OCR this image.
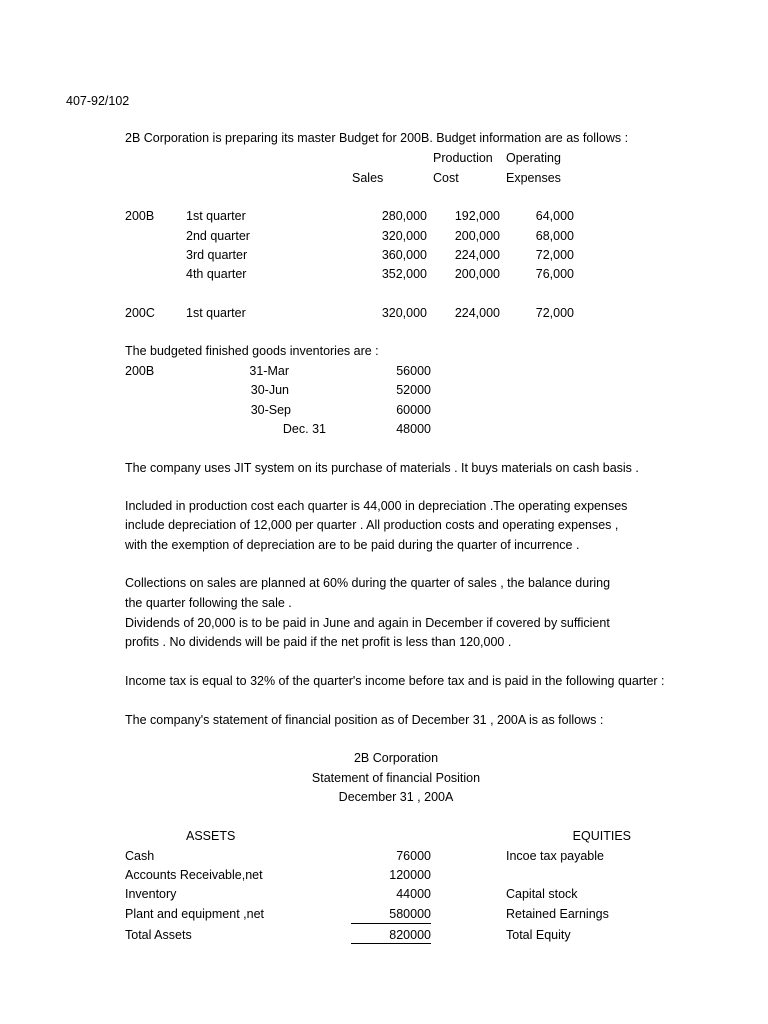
407-92/102
2B Corporation is preparing its master Budget for 200B. Budget information are as follows :
Production Operating
Sales	Cost	Expenses
200B	1st quarter	280,000	192,000	64,000
2nd quarter	320,000	200,000	68,000
3rd quarter	360,000	224,000	72,000
4th quarter	352,000	200,000	76,000
200C 1st quarter	320,000	224,000	72,000
The budgeted finished goods inventories are :
200B	31-Mar	56000
30-Jun	52000
30-Sep	60000
Dec. 31	48000
The company uses JIT system on its purchase of materials . It buys materials on cash basis .
Included in production cost each quarter is 44,000 in depreciation .The operating expenses
include depreciation of 12,000 per quarter . All production costs and operating expenses ,
with the exemption of depreciation are to be paid during the quarter of incurrence .
Collections on sales are planned at 60% during the quarter of sales , the balance during
the quarter following the sale .
Dividends of 20,000 is to be paid in June and again in December if covered by sufficient
profits . No dividends will be paid if the net profit is less than 120,000 .
Income tax is equal to 32% of the quarter's income before tax and is paid in the following quarter :
The company's statement of financial position as of December 31 , 200A is as follows :
2B Corporation
Statement of financial Position
December 31 , 200A
ASSETS	EQUITIES
Cash	76000	Incoe tax payable
Accounts Receivable,net	120000
Inventory	44000	Capital stock
Plant and equipment ,net	580000	Retained Earnings
Total Assets	820000	Total Equity
